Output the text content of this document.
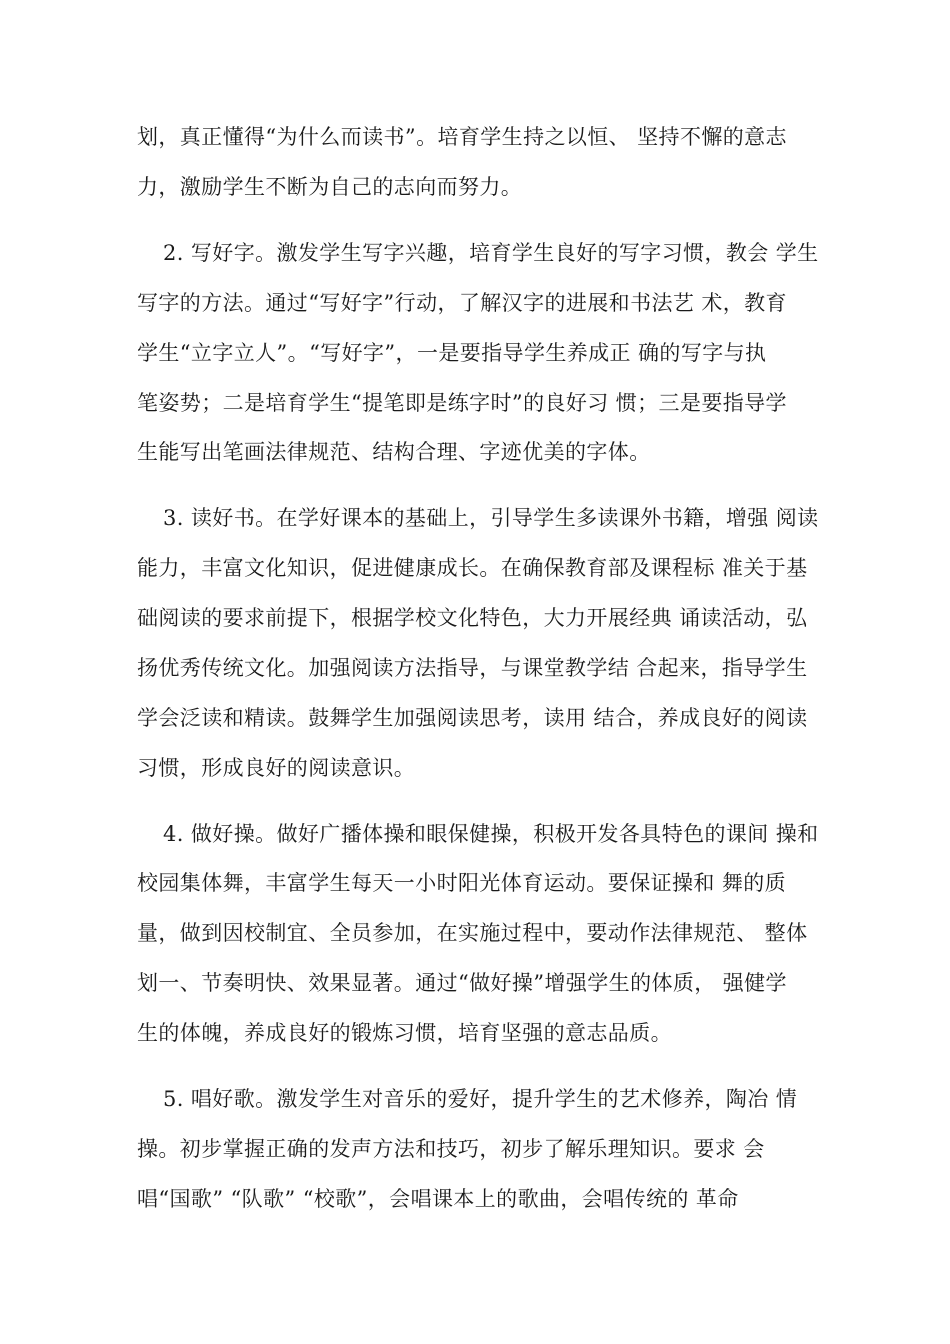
划，真正懂得“为什么而读书”。培育学生持之以恒、 坚持不懈的意志
力，激励学生不断为自己的志向而努力。
2. 写好字。激发学生写字兴趣，培育学生良好的写字习惯，教会 学生
写字的方法。通过“写好字”行动，了解汉字的进展和书法艺 术，教育
学生“立字立人”。“写好字”，一是要指导学生养成正 确的写字与执
笔姿势；二是培育学生“提笔即是练字时”的良好习 惯；三是要指导学
生能写出笔画法律规范、结构合理、字迹优美的字体。
3. 读好书。在学好课本的基础上，引导学生多读课外书籍，增强 阅读
能力，丰富文化知识，促进健康成长。在确保教育部及课程标 准关于基
础阅读的要求前提下，根据学校文化特色，大力开展经典 诵读活动，弘
扬优秀传统文化。加强阅读方法指导，与课堂教学结 合起来，指导学生
学会泛读和精读。鼓舞学生加强阅读思考，读用 结合，养成良好的阅读
习惯，形成良好的阅读意识。
4. 做好操。做好广播体操和眼保健操，积极开发各具特色的课间 操和
校园集体舞，丰富学生每天一小时阳光体育运动。要保证操和 舞的质
量，做到因校制宜、全员参加，在实施过程中，要动作法律规范、 整体
划一、节奏明快、效果显著。通过“做好操”增强学生的体质， 强健学
生的体魄，养成良好的锻炼习惯，培育坚强的意志品质。
5. 唱好歌。激发学生对音乐的爱好，提升学生的艺术修养，陶冶 情
操。初步掌握正确的发声方法和技巧，初步了解乐理知识。要求 会
唱“国歌” “队歌” “校歌”，会唱课本上的歌曲，会唱传统的 革命
